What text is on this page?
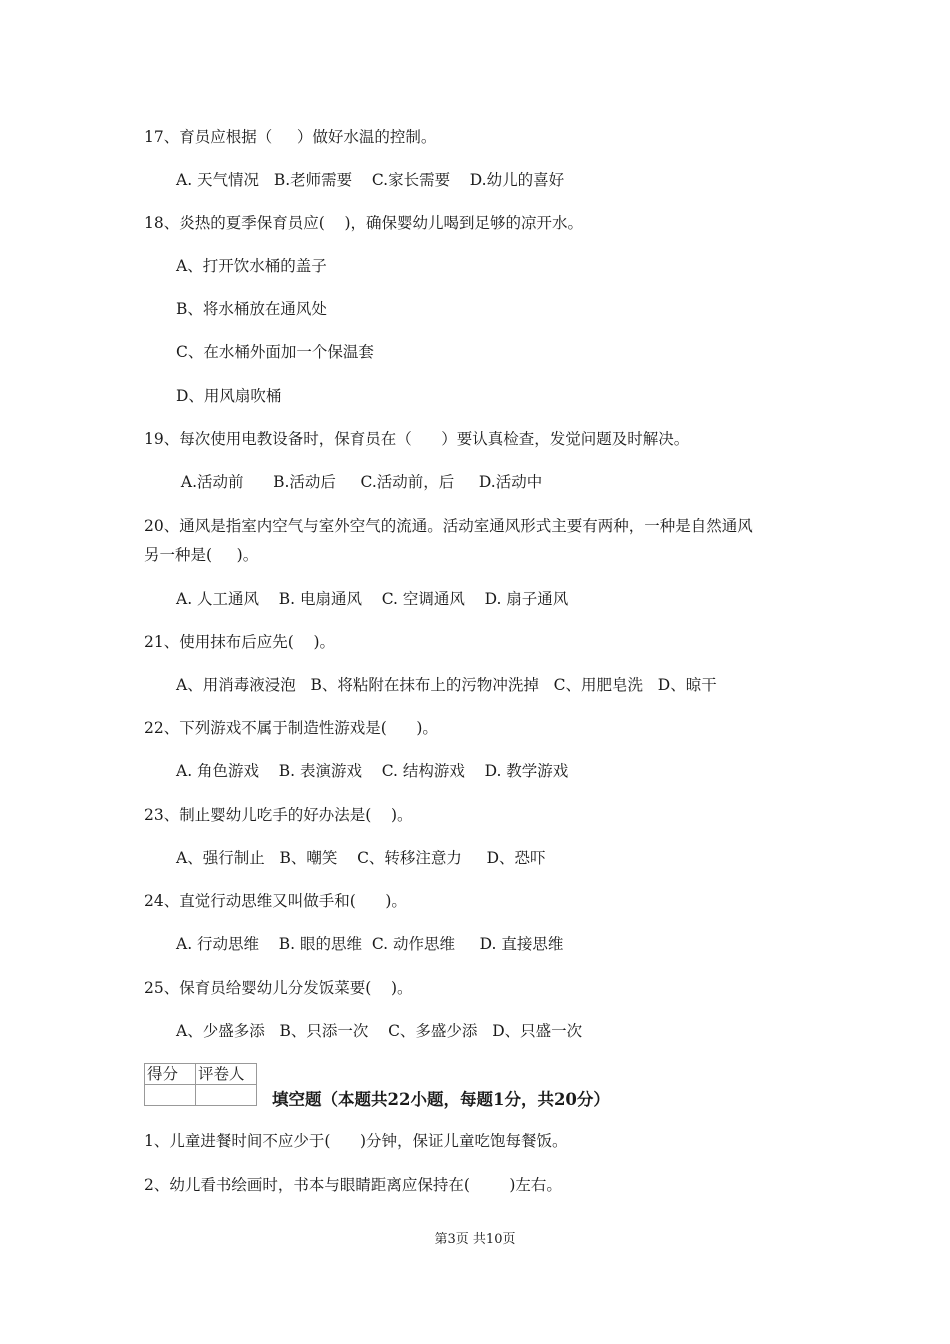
17、育员应根据（     ）做好水温的控制。
A. 天气情况   B.老师需要    C.家长需要    D.幼儿的喜好
18、炎热的夏季保育员应(    )，确保婴幼儿喝到足够的凉开水。
A、打开饮水桶的盖子
B、将水桶放在通风处
C、在水桶外面加一个保温套
D、用风扇吹桶
19、每次使用电教设备时，保育员在（      ）要认真检查，发觉问题及时解决。
A.活动前      B.活动后     C.活动前，后     D.活动中
20、通风是指室内空气与室外空气的流通。活动室通风形式主要有两种，一种是自然通风
另一种是(     )。
A. 人工通风    B. 电扇通风    C. 空调通风    D. 扇子通风
21、使用抹布后应先(    )。
A、用消毒液浸泡   B、将粘附在抹布上的污物冲洗掉   C、用肥皂洗   D、晾干
22、下列游戏不属于制造性游戏是(      )。
A. 角色游戏    B. 表演游戏    C. 结构游戏    D. 教学游戏
23、制止婴幼儿吃手的好办法是(    )。
A、强行制止   B、嘲笑    C、转移注意力     D、恐吓
24、直觉行动思维又叫做手和(      )。
A. 行动思维    B. 眼的思维  C. 动作思维     D. 直接思维
25、保育员给婴幼儿分发饭菜要(    )。
A、少盛多添   B、只添一次    C、多盛少添   D、只盛一次
得分	评卷人

填空题（本题共22小题，每题1分，共20分）
1、儿童进餐时间不应少于(      )分钟，保证儿童吃饱每餐饭。
2、幼儿看书绘画时，书本与眼睛距离应保持在(        )左右。
第3页 共10页
